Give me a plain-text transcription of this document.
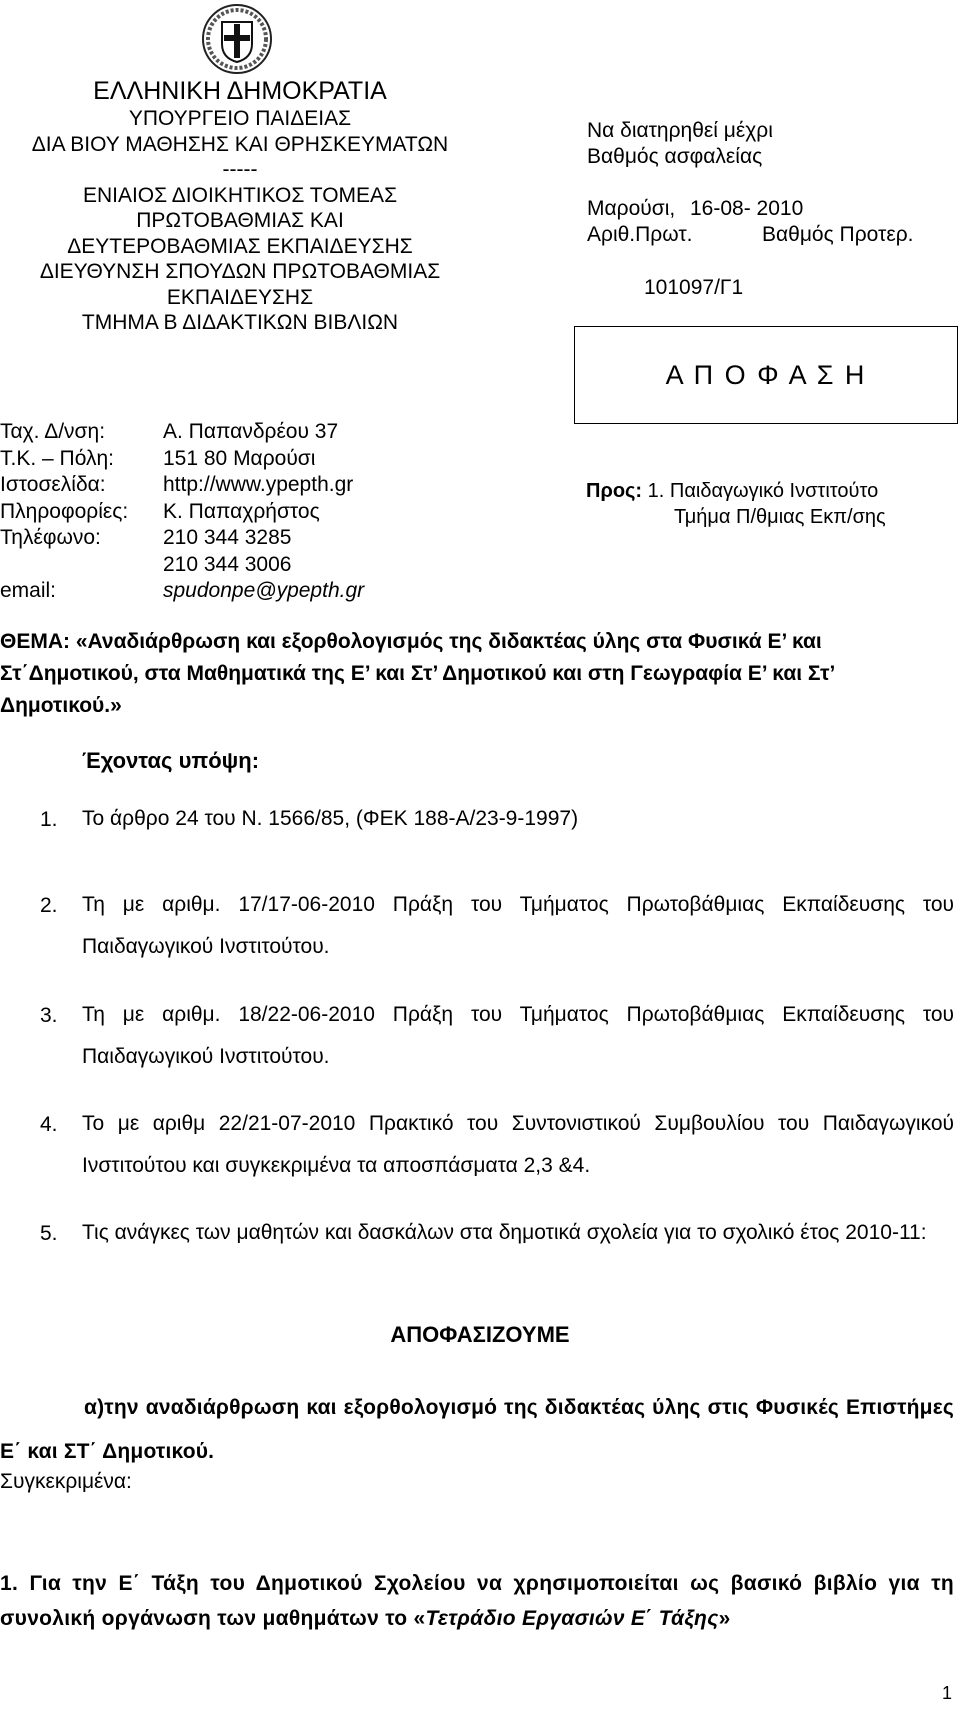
ΕΛΛΗΝΙΚΗ ΔΗΜΟΚΡΑΤΙΑ
ΥΠΟΥΡΓΕΙΟ ΠΑΙΔΕΙΑΣ
ΔΙΑ ΒΙΟΥ ΜΑΘΗΣΗΣ ΚΑΙ ΘΡΗΣΚΕΥΜΑΤΩΝ
-----
ΕΝΙΑΙΟΣ ΔΙΟΙΚΗΤΙΚΟΣ ΤΟΜΕΑΣ
ΠΡΩΤΟΒΑΘΜΙΑΣ ΚΑΙ
ΔΕΥΤΕΡΟΒΑΘΜΙΑΣ ΕΚΠΑΙΔΕΥΣΗΣ
ΔΙΕΥΘΥΝΣΗ ΣΠΟΥΔΩΝ ΠΡΩΤΟΒΑΘΜΙΑΣ
ΕΚΠΑΙΔΕΥΣΗΣ
ΤΜΗΜΑ Β ΔΙΔΑΚΤΙΚΩΝ ΒΙΒΛΙΩΝ
Να διατηρηθεί μέχρι
Βαθμός ασφαλείας
Μαρούσι, 16-08- 2010
Αριθ.Πρωτ.	Βαθμός Προτερ.
101097/Γ1
Α Π Ο Φ Α Σ Η
Ταχ. Δ/νση:	Α. Παπανδρέου 37
Τ.Κ. – Πόλη:	151 80 Μαρούσι
Ιστοσελίδα:	http://www.ypepth.gr
Πληροφορίες:	Κ. Παπαχρήστος
Τηλέφωνο:	210 344 3285
210 344 3006
email:	spudonpe@ypepth.gr
Προς: 1. Παιδαγωγικό Ινστιτούτο
Τμήμα Π/θμιας Εκπ/σης
ΘΕΜΑ: «Αναδιάρθρωση και εξορθολογισμός της διδακτέας ύλης στα Φυσικά Ε’ και Στ΄Δημοτικού, στα Μαθηματικά της Ε’ και Στ’ Δημοτικού και στη Γεωγραφία Ε’ και Στ’ Δημοτικού.»
Έχοντας υπόψη:
1.	Το άρθρο 24 του Ν. 1566/85, (ΦΕΚ 188-Α/23-9-1997)
2.	Τη με αριθμ. 17/17-06-2010 Πράξη του Τμήματος Πρωτοβάθμιας Εκπαίδευσης του Παιδαγωγικού Ινστιτούτου.
3.	Τη με αριθμ. 18/22-06-2010 Πράξη του Τμήματος Πρωτοβάθμιας Εκπαίδευσης του Παιδαγωγικού Ινστιτούτου.
4.	Το με αριθμ 22/21-07-2010 Πρακτικό του Συντονιστικού Συμβουλίου του Παιδαγωγικού Ινστιτούτου και συγκεκριμένα τα αποσπάσματα 2,3 &4.
5.	Τις ανάγκες των μαθητών και δασκάλων στα δημοτικά σχολεία για το σχολικό έτος 2010-11:
ΑΠΟΦΑΣΙΖΟΥΜΕ
α)την αναδιάρθρωση και εξορθολογισμό της διδακτέας ύλης στις Φυσικές Επιστήμες Ε΄ και ΣΤ΄ Δημοτικού.
Συγκεκριμένα:
1. Για την Ε΄ Τάξη του Δημοτικού Σχολείου να χρησιμοποιείται ως βασικό βιβλίο για τη συνολική οργάνωση των μαθημάτων το «Τετράδιο Εργασιών Ε΄ Τάξης»
1
